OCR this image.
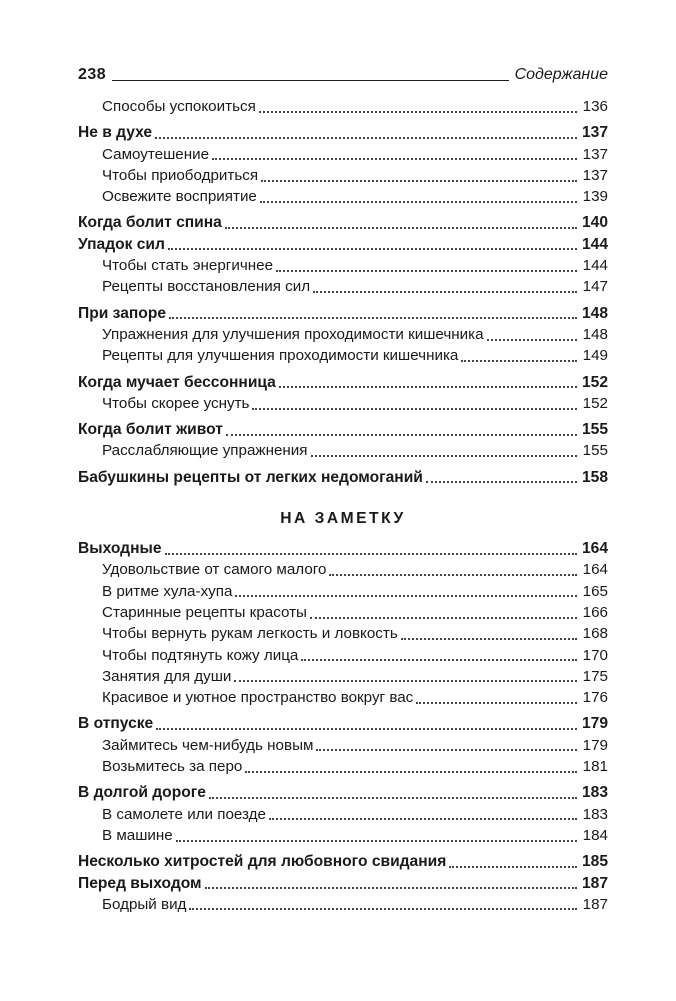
238	Содержание
Способы успокоиться	136
Не в духе	137
Самоутешение	137
Чтобы приободриться	137
Освежите восприятие	139
Когда болит спина	140
Упадок сил	144
Чтобы стать энергичнее	144
Рецепты восстановления сил	147
При запоре	148
Упражнения для улучшения проходимости кишечника	148
Рецепты для улучшения проходимости кишечника	149
Когда мучает бессонница	152
Чтобы скорее уснуть	152
Когда болит живот	155
Расслабляющие упражнения	155
Бабушкины рецепты от легких недомоганий	158
НА ЗАМЕТКУ
Выходные	164
Удовольствие от самого малого	164
В ритме хула-хупа	165
Старинные рецепты красоты	166
Чтобы вернуть рукам легкость и ловкость	168
Чтобы подтянуть кожу лица	170
Занятия для души	175
Красивое и уютное пространство вокруг вас	176
В отпуске	179
Займитесь чем-нибудь новым	179
Возьмитесь за перо	181
В долгой дороге	183
В самолете или поезде	183
В машине	184
Несколько хитростей для любовного свидания	185
Перед выходом	187
Бодрый вид	187
